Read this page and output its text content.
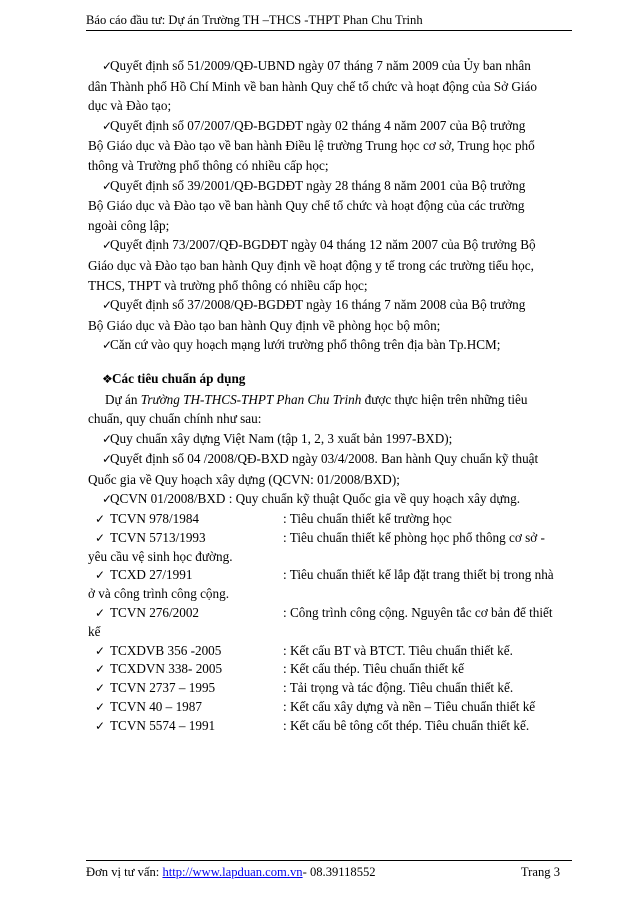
Báo cáo đầu tư: Dự án Trường TH –THCS -THPT Phan Chu Trinh
✓Quyết định số 51/2009/QĐ-UBND ngày 07 tháng 7 năm 2009 của Ủy ban nhân
dân Thành phố Hồ Chí Minh về ban hành Quy chế tổ chức và hoạt động của Sở Giáo
dục và Đào tạo;
✓Quyết định số 07/2007/QĐ-BGDĐT ngày 02 tháng 4 năm 2007 của Bộ trưởng
Bộ Giáo dục và Đào tạo về ban hành Điều lệ trường Trung học cơ sở, Trung học phổ
thông và Trường phổ thông có nhiều cấp học;
✓Quyết định số 39/2001/QĐ-BGDĐT ngày 28 tháng 8 năm 2001 của Bộ trưởng
Bộ Giáo dục và Đào tạo về ban hành Quy chế tổ chức và hoạt động của các trường
ngoài công lập;
✓Quyết định 73/2007/QĐ-BGDĐT ngày 04 tháng 12 năm 2007 của Bộ trưởng Bộ
Giáo dục và Đào tạo ban hành Quy định về hoạt động y tế trong các trường tiểu học,
THCS, THPT và trường phổ thông có nhiều cấp học;
✓Quyết định số 37/2008/QĐ-BGDĐT ngày 16 tháng 7 năm 2008 của Bộ trưởng
Bộ Giáo dục và Đào tạo ban hành Quy định về phòng học bộ môn;
✓Căn cứ vào quy hoạch mạng lưới trường phổ thông trên địa bàn Tp.HCM;
❖Các tiêu chuẩn áp dụng
Dự án Trường TH-THCS-THPT Phan Chu Trinh được thực hiện trên những tiêu
chuẩn, quy chuẩn chính như sau:
✓Quy chuẩn xây dựng Việt Nam (tập 1, 2, 3 xuất bản 1997-BXD);
✓Quyết định số 04 /2008/QĐ-BXD ngày 03/4/2008. Ban hành Quy chuẩn kỹ thuật
Quốc gia về Quy hoạch xây dựng (QCVN: 01/2008/BXD);
✓QCVN 01/2008/BXD : Quy chuẩn kỹ thuật Quốc gia về quy hoạch xây dựng.
✓ TCVN 978/1984	: Tiêu chuẩn thiết kế trường học
✓ TCVN 5713/1993	: Tiêu chuẩn thiết kế phòng học phổ thông cơ sở -
yêu cầu vệ sinh học đường.
✓ TCXD 27/1991	: Tiêu chuẩn thiết kế lắp đặt trang thiết bị trong nhà
ở và công trình công cộng.
✓ TCVN 276/2002	: Công trình công cộng. Nguyên tắc cơ bản để thiết
kế
✓ TCXDVB 356 -2005	: Kết cấu BT và BTCT. Tiêu chuẩn thiết kế.
✓ TCXDVN 338- 2005	: Kết cấu thép. Tiêu chuẩn thiết kế
✓ TCVN 2737 – 1995	: Tải trọng và tác động. Tiêu chuẩn thiết kế.
✓ TCVN 40 – 1987	: Kết cấu xây dựng và nền – Tiêu chuẩn thiết kế
✓ TCVN 5574 – 1991	: Kết cấu bê tông cốt thép. Tiêu chuẩn thiết kế.
Đơn vị tư vấn: http://www.lapduan.com.vn- 08.39118552	Trang 3
